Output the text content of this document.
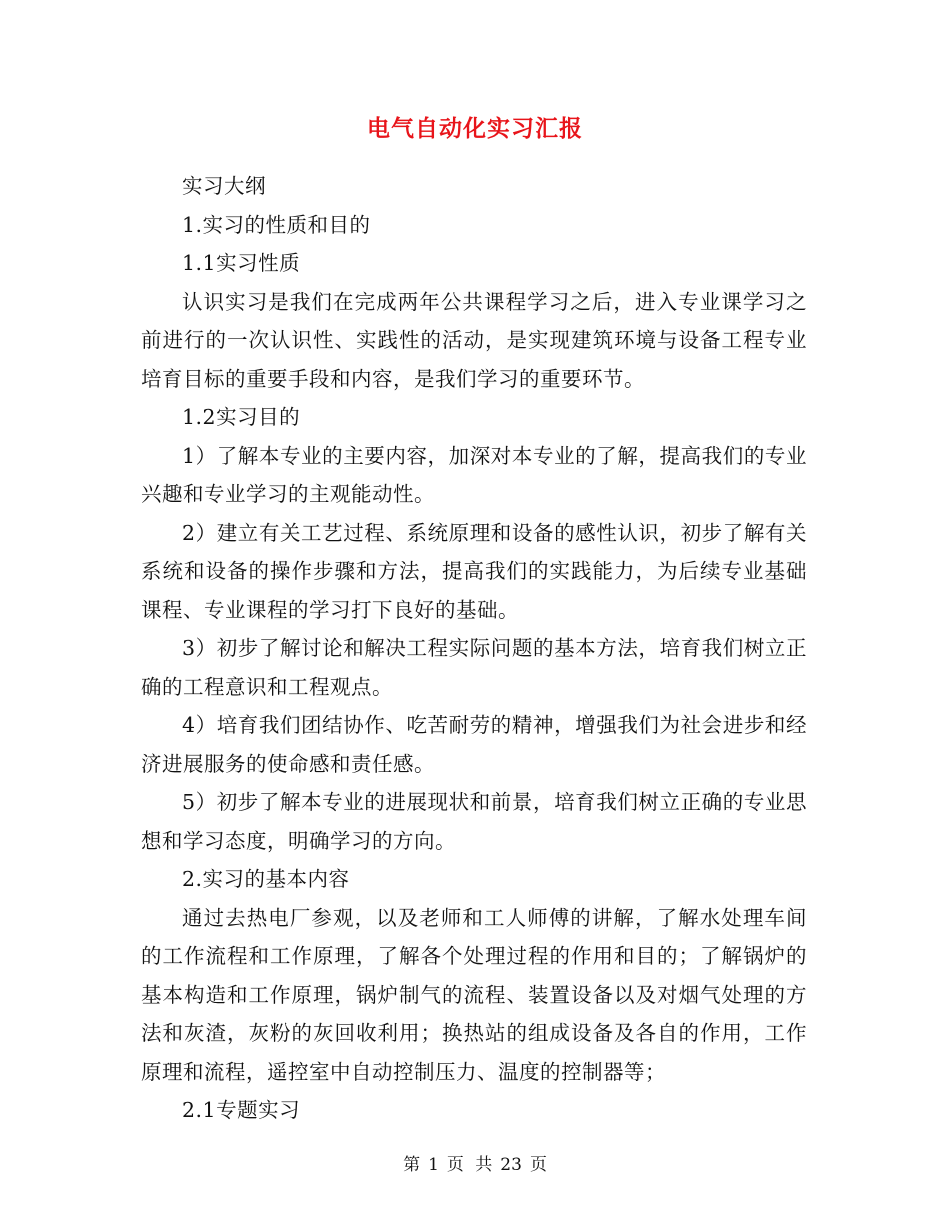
电气自动化实习汇报

实习大纲

1.实习的性质和目的

1.1实习性质

认识实习是我们在完成两年公共课程学习之后，进入专业课学习之前进行的一次认识性、实践性的活动，是实现建筑环境与设备工程专业培育目标的重要手段和内容，是我们学习的重要环节。

1.2实习目的

1）了解本专业的主要内容，加深对本专业的了解，提高我们的专业兴趣和专业学习的主观能动性。

2）建立有关工艺过程、系统原理和设备的感性认识，初步了解有关系统和设备的操作步骤和方法，提高我们的实践能力，为后续专业基础课程、专业课程的学习打下良好的基础。

3）初步了解讨论和解决工程实际问题的基本方法，培育我们树立正确的工程意识和工程观点。

4）培育我们团结协作、吃苦耐劳的精神，增强我们为社会进步和经济进展服务的使命感和责任感。

5）初步了解本专业的进展现状和前景，培育我们树立正确的专业思想和学习态度，明确学习的方向。

2.实习的基本内容

通过去热电厂参观，以及老师和工人师傅的讲解，了解水处理车间的工作流程和工作原理，了解各个处理过程的作用和目的；了解锅炉的基本构造和工作原理，锅炉制气的流程、装置设备以及对烟气处理的方法和灰渣，灰粉的灰回收利用；换热站的组成设备及各自的作用，工作原理和流程，遥控室中自动控制压力、温度的控制器等；

2.1专题实习

第 1 页 共 23 页
